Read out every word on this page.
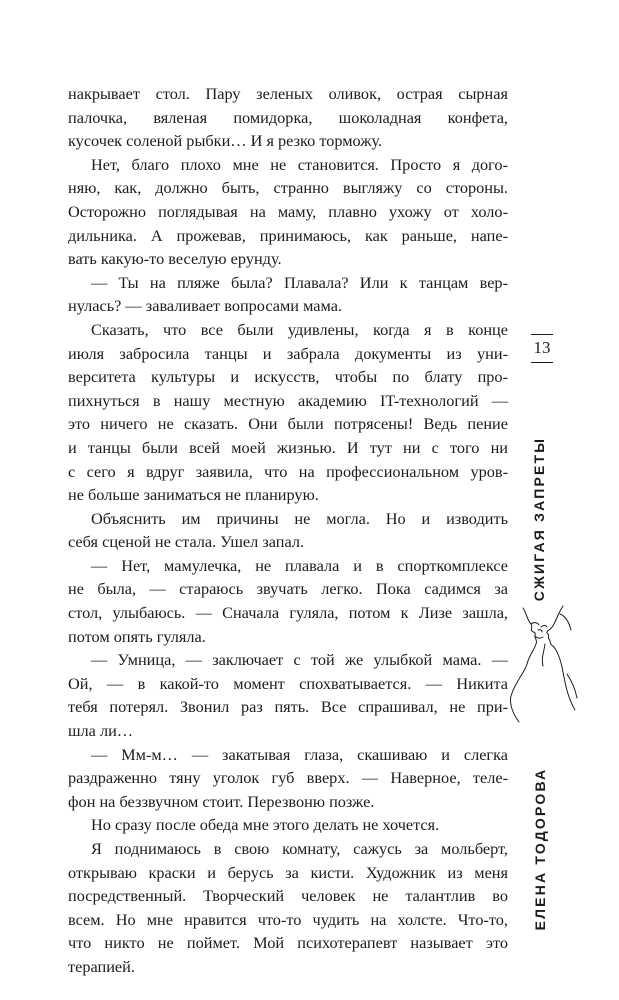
накрывает стол. Пару зеленых оливок, острая сырная
палочка, вяленая помидорка, шоколадная конфета,
кусочек соленой рыбки… И я резко торможу.
Нет, благо плохо мне не становится. Просто я дого-
няю, как, должно быть, странно выгляжу со стороны.
Осторожно поглядывая на маму, плавно ухожу от холо-
дильника. А прожевав, принимаюсь, как раньше, напе-
вать какую-то веселую ерунду.
— Ты на пляже была? Плавала? Или к танцам вер-
нулась? — заваливает вопросами мама.
Сказать, что все были удивлены, когда я в конце
июля забросила танцы и забрала документы из уни-
верситета культуры и искусств, чтобы по блату про-
пихнуться в нашу местную академию IT-технологий —
это ничего не сказать. Они были потрясены! Ведь пение
и танцы были всей моей жизнью. И тут ни с того ни
с сего я вдруг заявила, что на профессиональном уров-
не больше заниматься не планирую.
Объяснить им причины не могла. Но и изводить
себя сценой не стала. Ушел запал.
— Нет, мамулечка, не плавала и в спорткомплексе
не была, — стараюсь звучать легко. Пока садимся за
стол, улыбаюсь. — Сначала гуляла, потом к Лизе зашла,
потом опять гуляла.
— Умница, — заключает с той же улыбкой мама. —
Ой, — в какой-то момент спохватывается. — Никита
тебя потерял. Звонил раз пять. Все спрашивал, не при-
шла ли…
— Мм-м… — закатывая глаза, скашиваю и слегка
раздраженно тяну уголок губ вверх. — Наверное, теле-
фон на беззвучном стоит. Перезвоню позже.
Но сразу после обеда мне этого делать не хочется.
Я поднимаюсь в свою комнату, сажусь за мольберт,
открываю краски и берусь за кисти. Художник из меня
посредственный. Творческий человек не талантлив во
всем. Но мне нравится что-то чудить на холсте. Что-то,
что никто не поймет. Мой психотерапевт называет это
терапией.
13
СЖИГАЯ ЗАПРЕТЫ
ЕЛЕНА ТОДОРОВА
